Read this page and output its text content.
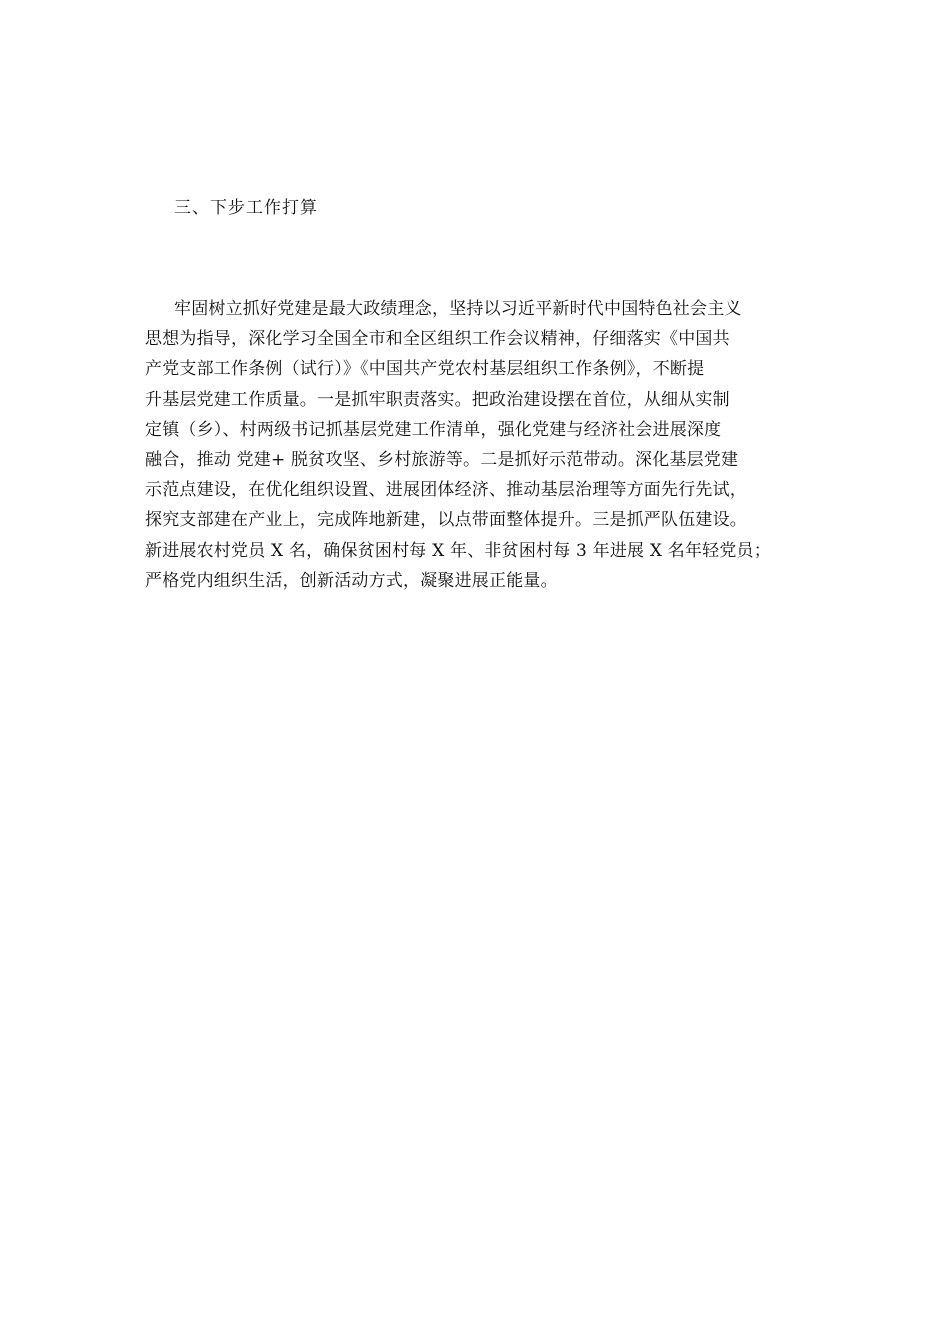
三、下步工作打算
牢固树立抓好党建是最大政绩理念，坚持以习近平新时代中国特色社会主义
思想为指导，深化学习全国全市和全区组织工作会议精神，仔细落实《中国共
产党支部工作条例（试行）》《中国共产党农村基层组织工作条例》，不断提
升基层党建工作质量。一是抓牢职责落实。把政治建设摆在首位，从细从实制
定镇（乡）、村两级书记抓基层党建工作清单，强化党建与经济社会进展深度
融合，推动 党建+ 脱贫攻坚、乡村旅游等。二是抓好示范带动。深化基层党建
示范点建设，在优化组织设置、进展团体经济、推动基层治理等方面先行先试，
探究支部建在产业上，完成阵地新建，以点带面整体提升。三是抓严队伍建设。
新进展农村党员 X 名，确保贫困村每 X 年、非贫困村每 3 年进展 X 名年轻党员；
严格党内组织生活，创新活动方式，凝聚进展正能量。
